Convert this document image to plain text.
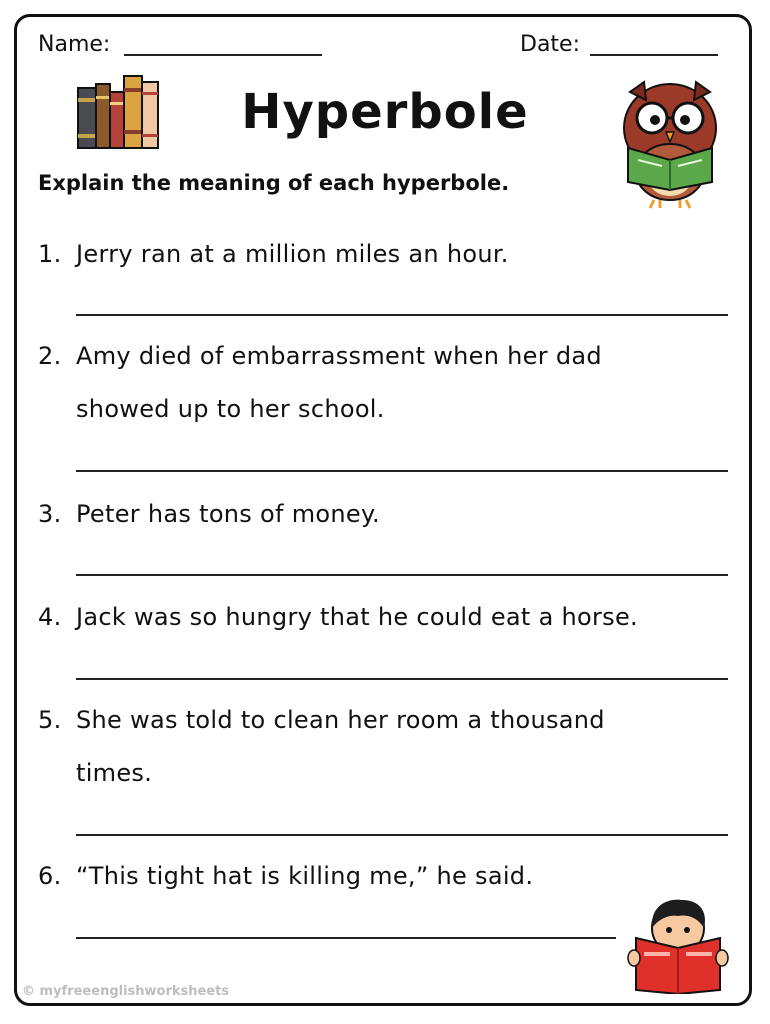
Name:	Date:
Hyperbole
Explain the meaning of each hyperbole.
1. Jerry ran at a million miles an hour.
2. Amy died of embarrassment when her dad
showed up to her school.
3. Peter has tons of money.
4. Jack was so hungry that he could eat a horse.
5. She was told to clean her room a thousand
times.
6. “This tight hat is killing me,” he said.
© myfreeenglishworksheets
